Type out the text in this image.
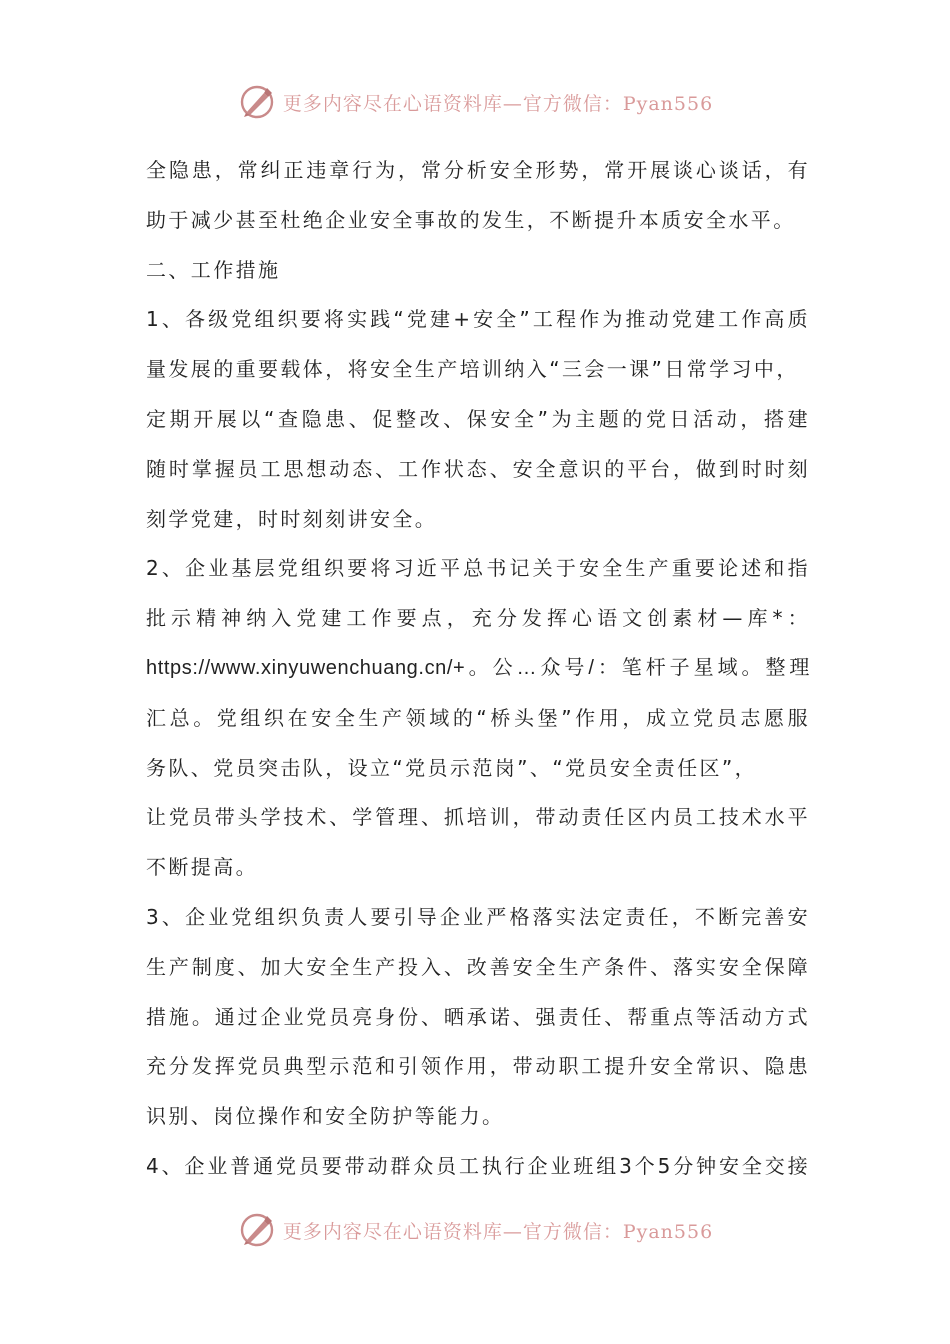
更多内容尽在心语资料库—官方微信：Pyan556
全隐患，常纠正违章行为，常分析安全形势，常开展谈心谈话，有
助于减少甚至杜绝企业安全事故的发生，不断提升本质安全水平。
二、工作措施
1、各级党组织要将实践“党建+安全”工程作为推动党建工作高质
量发展的重要载体，将安全生产培训纳入“三会一课”日常学习中，
定期开展以“查隐患、促整改、保安全”为主题的党日活动，搭建
随时掌握员工思想动态、工作状态、安全意识的平台，做到时时刻
刻学党建，时时刻刻讲安全。
2、企业基层党组织要将习近平总书记关于安全生产重要论述和指
批示精神纳入党建工作要点，充分发挥心语文创素材—库*：
https://www.xinyuwenchuang.cn/+。公…众号/：笔杆子星域。整理
汇总。党组织在安全生产领域的“桥头堡”作用，成立党员志愿服
务队、党员突击队，设立“党员示范岗”、“党员安全责任区”，
让党员带头学技术、学管理、抓培训，带动责任区内员工技术水平
不断提高。
3、企业党组织负责人要引导企业严格落实法定责任，不断完善安
生产制度、加大安全生产投入、改善安全生产条件、落实安全保障
措施。通过企业党员亮身份、晒承诺、强责任、帮重点等活动方式
充分发挥党员典型示范和引领作用，带动职工提升安全常识、隐患
识别、岗位操作和安全防护等能力。
4、企业普通党员要带动群众员工执行企业班组3个5分钟安全交接
更多内容尽在心语资料库—官方微信：Pyan556
